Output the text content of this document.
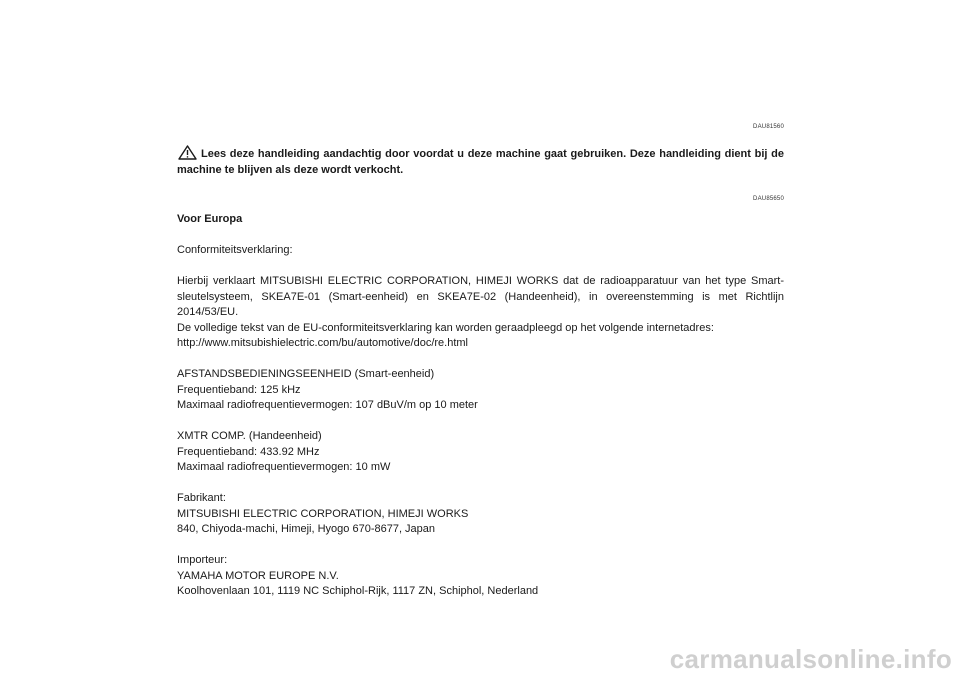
DAU81560
Lees deze handleiding aandachtig door voordat u deze machine gaat gebruiken. Deze handleiding dient bij de machine te blijven als deze wordt verkocht.
DAU85650

Voor Europa

Conformiteitsverklaring:

Hierbij verklaart MITSUBISHI ELECTRIC CORPORATION, HIMEJI WORKS dat de radioapparatuur van het type Smart-sleutelsysteem, SKEA7E-01 (Smart-eenheid) en SKEA7E-02 (Handeenheid), in overeenstemming is met Richtlijn 2014/53/EU.

De volledige tekst van de EU-conformiteitsverklaring kan worden geraadpleegd op het volgende internetadres:

http://www.mitsubishielectric.com/bu/automotive/doc/re.html

AFSTANDSBEDIENINGSEENHEID (Smart-eenheid)

Frequentieband: 125 kHz

Maximaal radiofrequentievermogen: 107 dBuV/m op 10 meter

XMTR COMP. (Handeenheid)

Frequentieband: 433.92 MHz

Maximaal radiofrequentievermogen: 10 mW

Fabrikant:

MITSUBISHI ELECTRIC CORPORATION, HIMEJI WORKS

840, Chiyoda-machi, Himeji, Hyogo 670-8677, Japan

Importeur:

YAMAHA MOTOR EUROPE N.V.

Koolhovenlaan 101, 1119 NC Schiphol-Rijk, 1117 ZN, Schiphol, Nederland

carmanualsonline.info
